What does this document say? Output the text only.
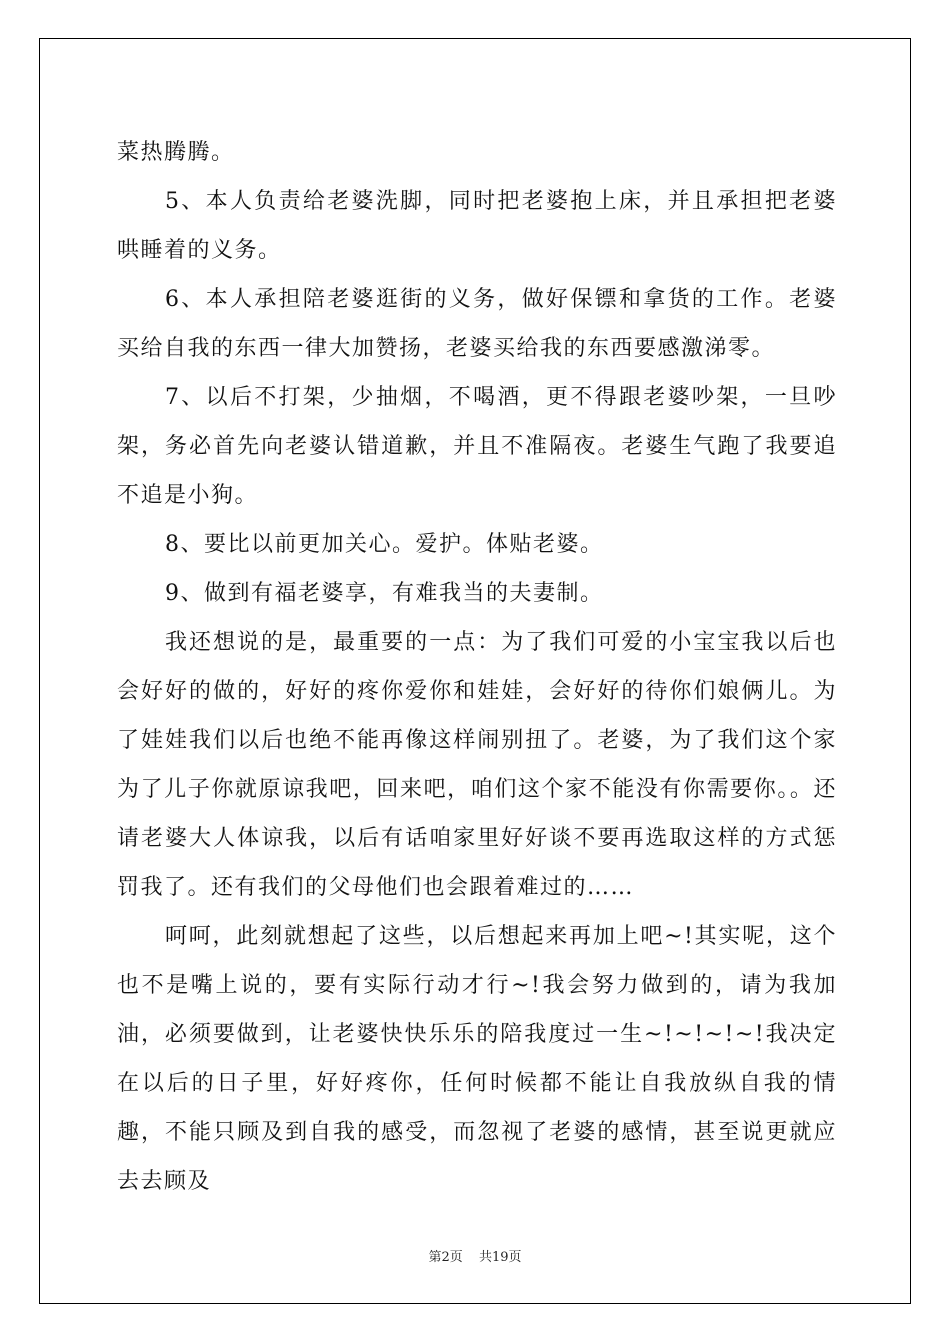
菜热腾腾。

5、本人负责给老婆洗脚，同时把老婆抱上床，并且承担把老婆哄睡着的义务。

6、本人承担陪老婆逛街的义务，做好保镖和拿货的工作。老婆买给自我的东西一律大加赞扬，老婆买给我的东西要感激涕零。

7、以后不打架，少抽烟，不喝酒，更不得跟老婆吵架，一旦吵架，务必首先向老婆认错道歉，并且不准隔夜。老婆生气跑了我要追不追是小狗。

8、要比以前更加关心。爱护。体贴老婆。

9、做到有福老婆享，有难我当的夫妻制。

我还想说的是，最重要的一点：为了我们可爱的小宝宝我以后也会好好的做的，好好的疼你爱你和娃娃，会好好的待你们娘俩儿。为了娃娃我们以后也绝不能再像这样闹别扭了。老婆，为了我们这个家为了儿子你就原谅我吧，回来吧，咱们这个家不能没有你需要你。。还请老婆大人体谅我，以后有话咱家里好好谈不要再选取这样的方式惩罚我了。还有我们的父母他们也会跟着难过的……

呵呵，此刻就想起了这些，以后想起来再加上吧~!其实呢，这个也不是嘴上说的，要有实际行动才行~!我会努力做到的，请为我加油，必须要做到，让老婆快快乐乐的陪我度过一生~!~!~!~!我决定在以后的日子里，好好疼你，任何时候都不能让自我放纵自我的情趣，不能只顾及到自我的感受，而忽视了老婆的感情，甚至说更就应去去顾及

第2页 共19页
